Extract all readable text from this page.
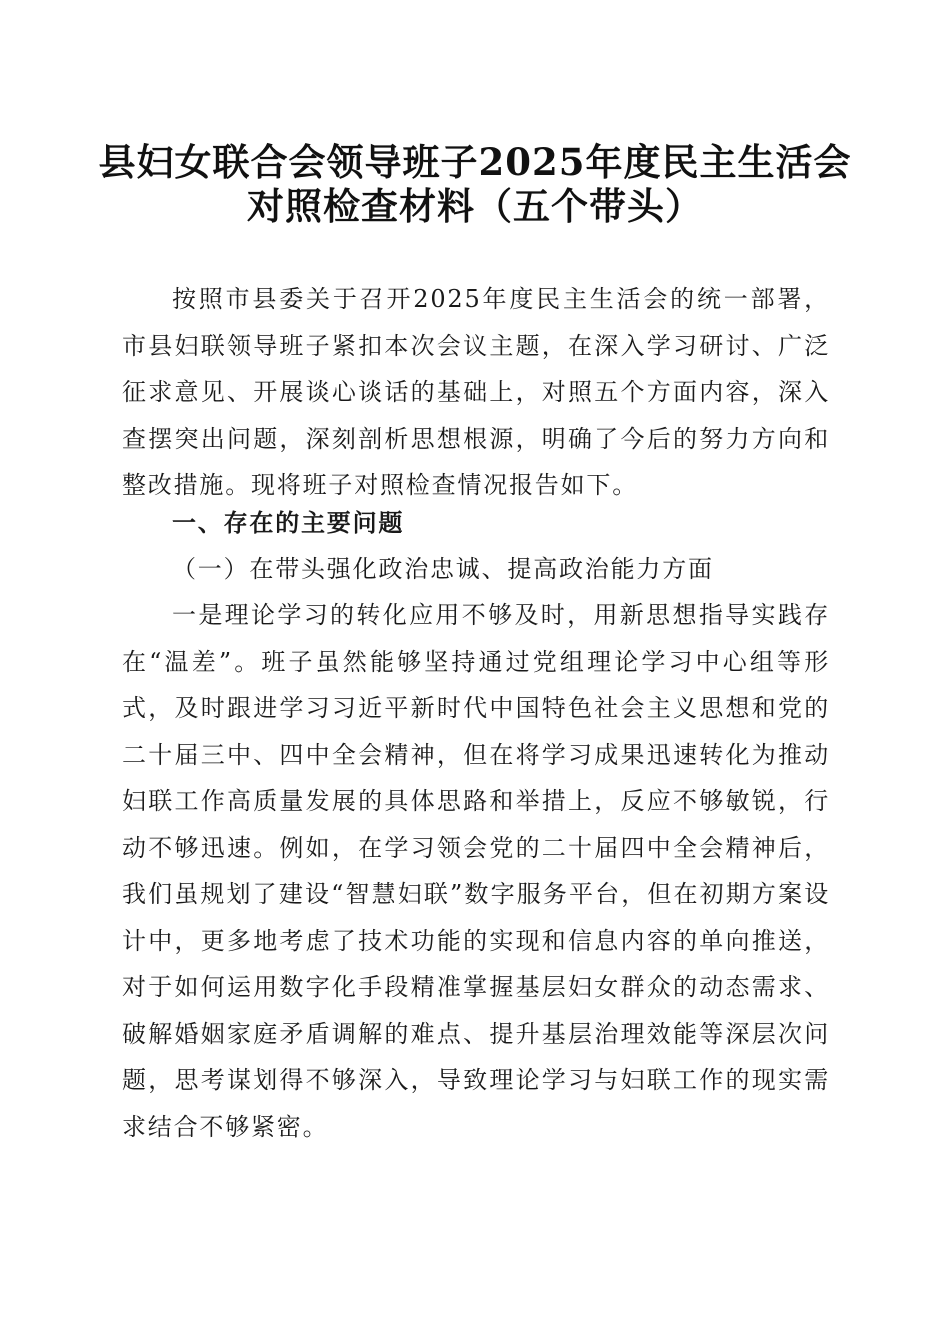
县妇女联合会领导班子2025年度民主生活会
对照检查材料（五个带头）

按照市县委关于召开2025年度民主生活会的统一部署，市县妇联领导班子紧扣本次会议主题，在深入学习研讨、广泛征求意见、开展谈心谈话的基础上，对照五个方面内容，深入查摆突出问题，深刻剖析思想根源，明确了今后的努力方向和整改措施。现将班子对照检查情况报告如下。

一、存在的主要问题
（一）在带头强化政治忠诚、提高政治能力方面

一是理论学习的转化应用不够及时，用新思想指导实践存在“温差”。班子虽然能够坚持通过党组理论学习中心组等形式，及时跟进学习习近平新时代中国特色社会主义思想和党的二十届三中、四中全会精神，但在将学习成果迅速转化为推动妇联工作高质量发展的具体思路和举措上，反应不够敏锐，行动不够迅速。例如，在学习领会党的二十届四中全会精神后，我们虽规划了建设“智慧妇联”数字服务平台，但在初期方案设计中，更多地考虑了技术功能的实现和信息内容的单向推送，对于如何运用数字化手段精准掌握基层妇女群众的动态需求、破解婚姻家庭矛盾调解的难点、提升基层治理效能等深层次问题，思考谋划得不够深入，导致理论学习与妇联工作的现实需求结合不够紧密。
